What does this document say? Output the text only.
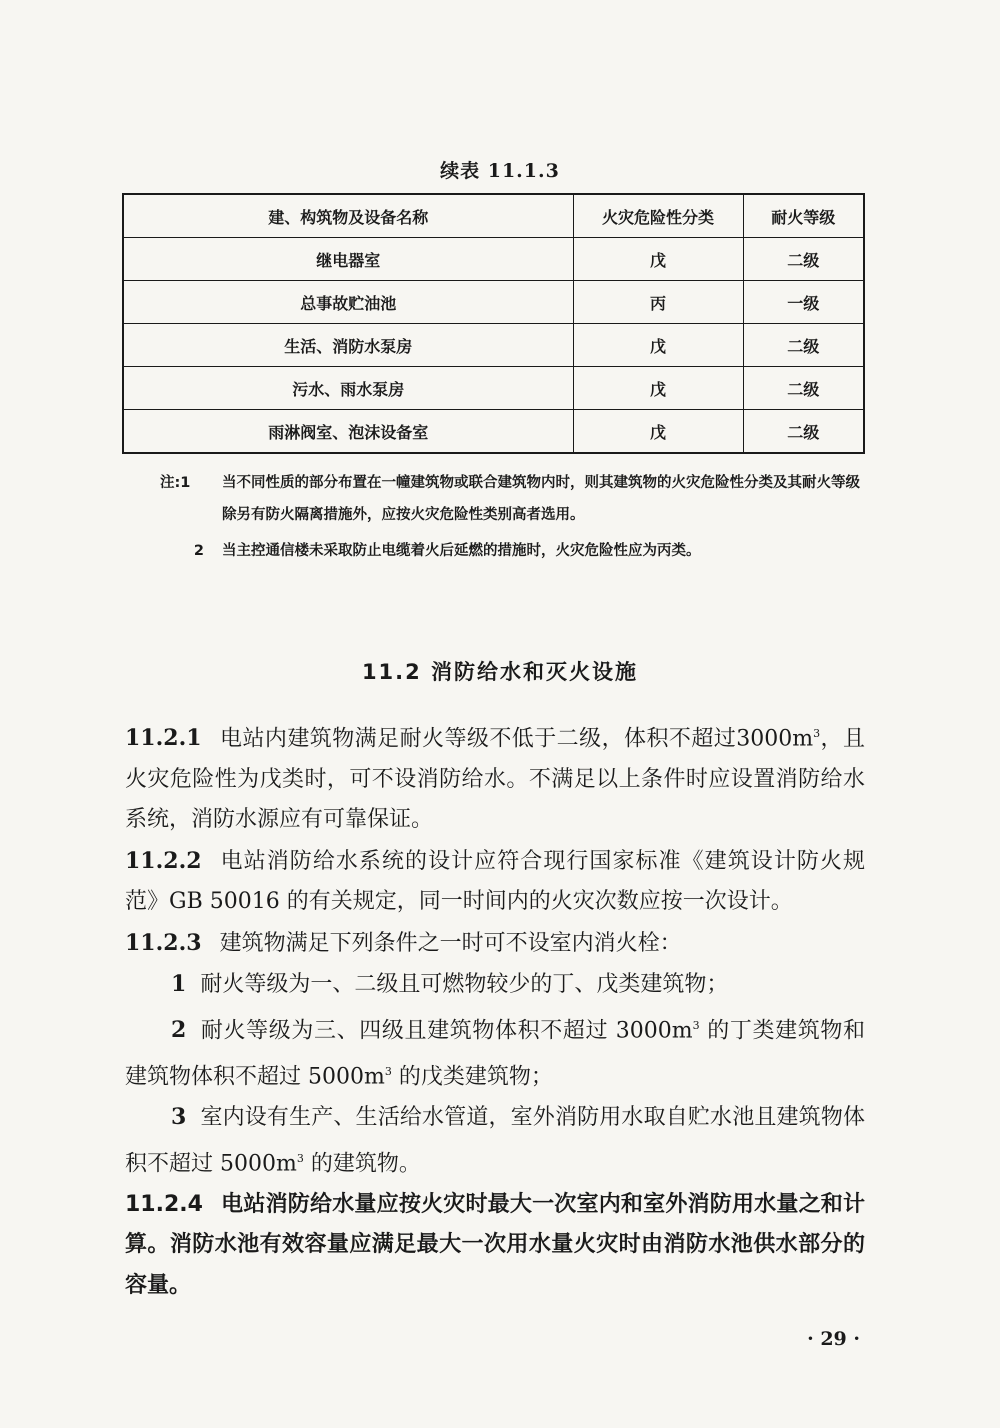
续表 11.1.3
建、构筑物及设备名称	火灾危险性分类	耐火等级
继电器室	戊	二级
总事故贮油池	丙	一级
生活、消防水泵房	戊	二级
污水、雨水泵房	戊	二级
雨淋阀室、泡沫设备室	戊	二级
注:1	当不同性质的部分布置在一幢建筑物或联合建筑物内时，则其建筑物的火灾危险性分类及其耐火等级除另有防火隔离措施外，应按火灾危险性类别高者选用。
2	当主控通信楼未采取防止电缆着火后延燃的措施时，火灾危险性应为丙类。
11.2 消防给水和灭火设施

11.2.1 电站内建筑物满足耐火等级不低于二级，体积不超过$3000m^3$，且火灾危险性为戊类时，可不设消防给水。不满足以上条件时应设置消防给水系统，消防水源应有可靠保证。

11.2.2 电站消防给水系统的设计应符合现行国家标准《建筑设计防火规范》GB 50016 的有关规定，同一时间内的火灾次数应按一次设计。

11.2.3 建筑物满足下列条件之一时可不设室内消火栓：

1 耐火等级为一、二级且可燃物较少的丁、戊类建筑物；

2 耐火等级为三、四级且建筑物体积不超过 $3000m^3$ 的丁类建筑物和建筑物体积不超过 $5000m^3$ 的戊类建筑物；

3 室内设有生产、生活给水管道，室外消防用水取自贮水池且建筑物体积不超过 $5000m^3$ 的建筑物。

11.2.4 电站消防给水量应按火灾时最大一次室内和室外消防用水量之和计算。消防水池有效容量应满足最大一次用水量火灾时由消防水池供水部分的容量。

· 29 ·
